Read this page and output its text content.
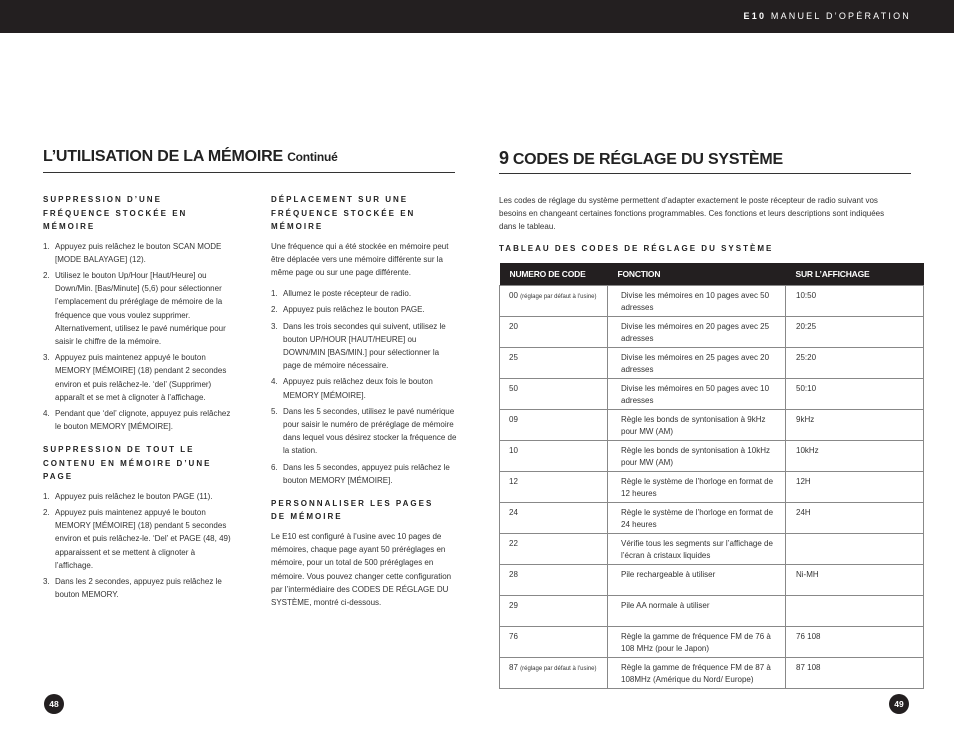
E10 MANUEL D’OPÉRATION
L’UTILISATION DE LA MÉMOIRE Continué
SUPPRESSION D’UNE
FRÉQUENCE STOCKÉE EN
MÉMOIRE
1. Appuyez puis relâchez le bouton SCAN MODE [MODE BALAYAGE] (12).
2. Utilisez le bouton Up/Hour [Haut/Heure] ou Down/Min. [Bas/Minute] (5,6) pour sélectionner l’emplacement du préréglage de mémoire de la fréquence que vous voulez supprimer. Alternativement, utilisez le pavé numérique pour saisir le chiffre de la mémoire.
3. Appuyez puis maintenez appuyé le bouton MEMORY [MÉMOIRE] (18) pendant 2 secondes environ et puis relâchez-le. ‘del’ (Supprimer) apparaît et se met à clignoter à l’affichage.
4. Pendant que ‘del’ clignote, appuyez puis relâchez le bouton MEMORY [MÉMOIRE].
SUPPRESSION DE TOUT LE
CONTENU EN MÉMOIRE D’UNE
PAGE
1. Appuyez puis relâchez le bouton PAGE (11).
2. Appuyez puis maintenez appuyé le bouton MEMORY [MÉMOIRE] (18) pendant 5 secondes environ et puis relâchez-le. ‘Del’ et PAGE (48, 49) apparaissent et se mettent à clignoter à l’affichage.
3. Dans les 2 secondes, appuyez puis relâchez le bouton MEMORY.
DÉPLACEMENT SUR UNE
FRÉQUENCE STOCKÉE EN
MÉMOIRE

Une fréquence qui a été stockée en mémoire peut être déplacée vers une mémoire différente sur la même page ou sur une page différente.

1. Allumez le poste récepteur de radio.
2. Appuyez puis relâchez le bouton PAGE.
3. Dans les trois secondes qui suivent, utilisez le bouton UP/HOUR [HAUT/HEURE] ou DOWN/MIN [BAS/MIN.] pour sélectionner la page de mémoire nécessaire.
4. Appuyez puis relâchez deux fois le bouton MEMORY [MÉMOIRE].
5. Dans les 5 secondes, utilisez le pavé numérique pour saisir le numéro de préréglage de mémoire dans lequel vous désirez stocker la fréquence de la station.
6. Dans les 5 secondes, appuyez puis relâchez le bouton MEMORY [MÉMOIRE].
PERSONNALISER LES PAGES
DE MÉMOIRE

Le E10 est configuré à l’usine avec 10 pages de mémoires, chaque page ayant 50 préréglages en mémoire, pour un total de 500 préréglages en mémoire. Vous pouvez changer cette configuration par l’intermédiaire des CODES DE RÉGLAGE DU SYSTÈME, montré ci-dessous.

9 CODES DE RÉGLAGE DU SYSTÈME
Les codes de réglage du système permettent d’adapter exactement le poste récepteur de radio suivant vos besoins en changeant certaines fonctions programmables. Ces fonctions et leurs descriptions sont indiquées dans le tableau.
TABLEAU DES CODES DE RÉGLAGE DU SYSTÈME
NUMERO DE CODE	FONCTION	SUR L’AFFICHAGE
00 (réglage par défaut à l’usine)	Divise les mémoires en 10 pages avec 50 adresses	10:50
20	Divise les mémoires en 20 pages avec 25 adresses	20:25
25	Divise les mémoires en 25 pages avec 20 adresses	25:20
50	Divise les mémoires en 50 pages avec 10 adresses	50:10
09	Règle les bonds de syntonisation à 9kHz pour MW (AM)	9kHz
10	Règle les bonds de syntonisation à 10kHz pour MW (AM)	10kHz
12	Règle le système de l’horloge en format de 12 heures	12H
24	Règle le système de l’horloge en format de 24 heures	24H
22	Vérifie tous les segments sur l’affichage de l’écran à cristaux liquides	
28	Pile rechargeable à utiliser	Ni-MH
29	Pile AA normale à utiliser	
76	Règle la gamme de fréquence FM de 76 à 108 MHz (pour le Japon)	76 108
87 (réglage par défaut à l’usine)	Règle la gamme de fréquence FM de 87 à 108MHz (Amérique du Nord/ Europe)	87 108
48	49
